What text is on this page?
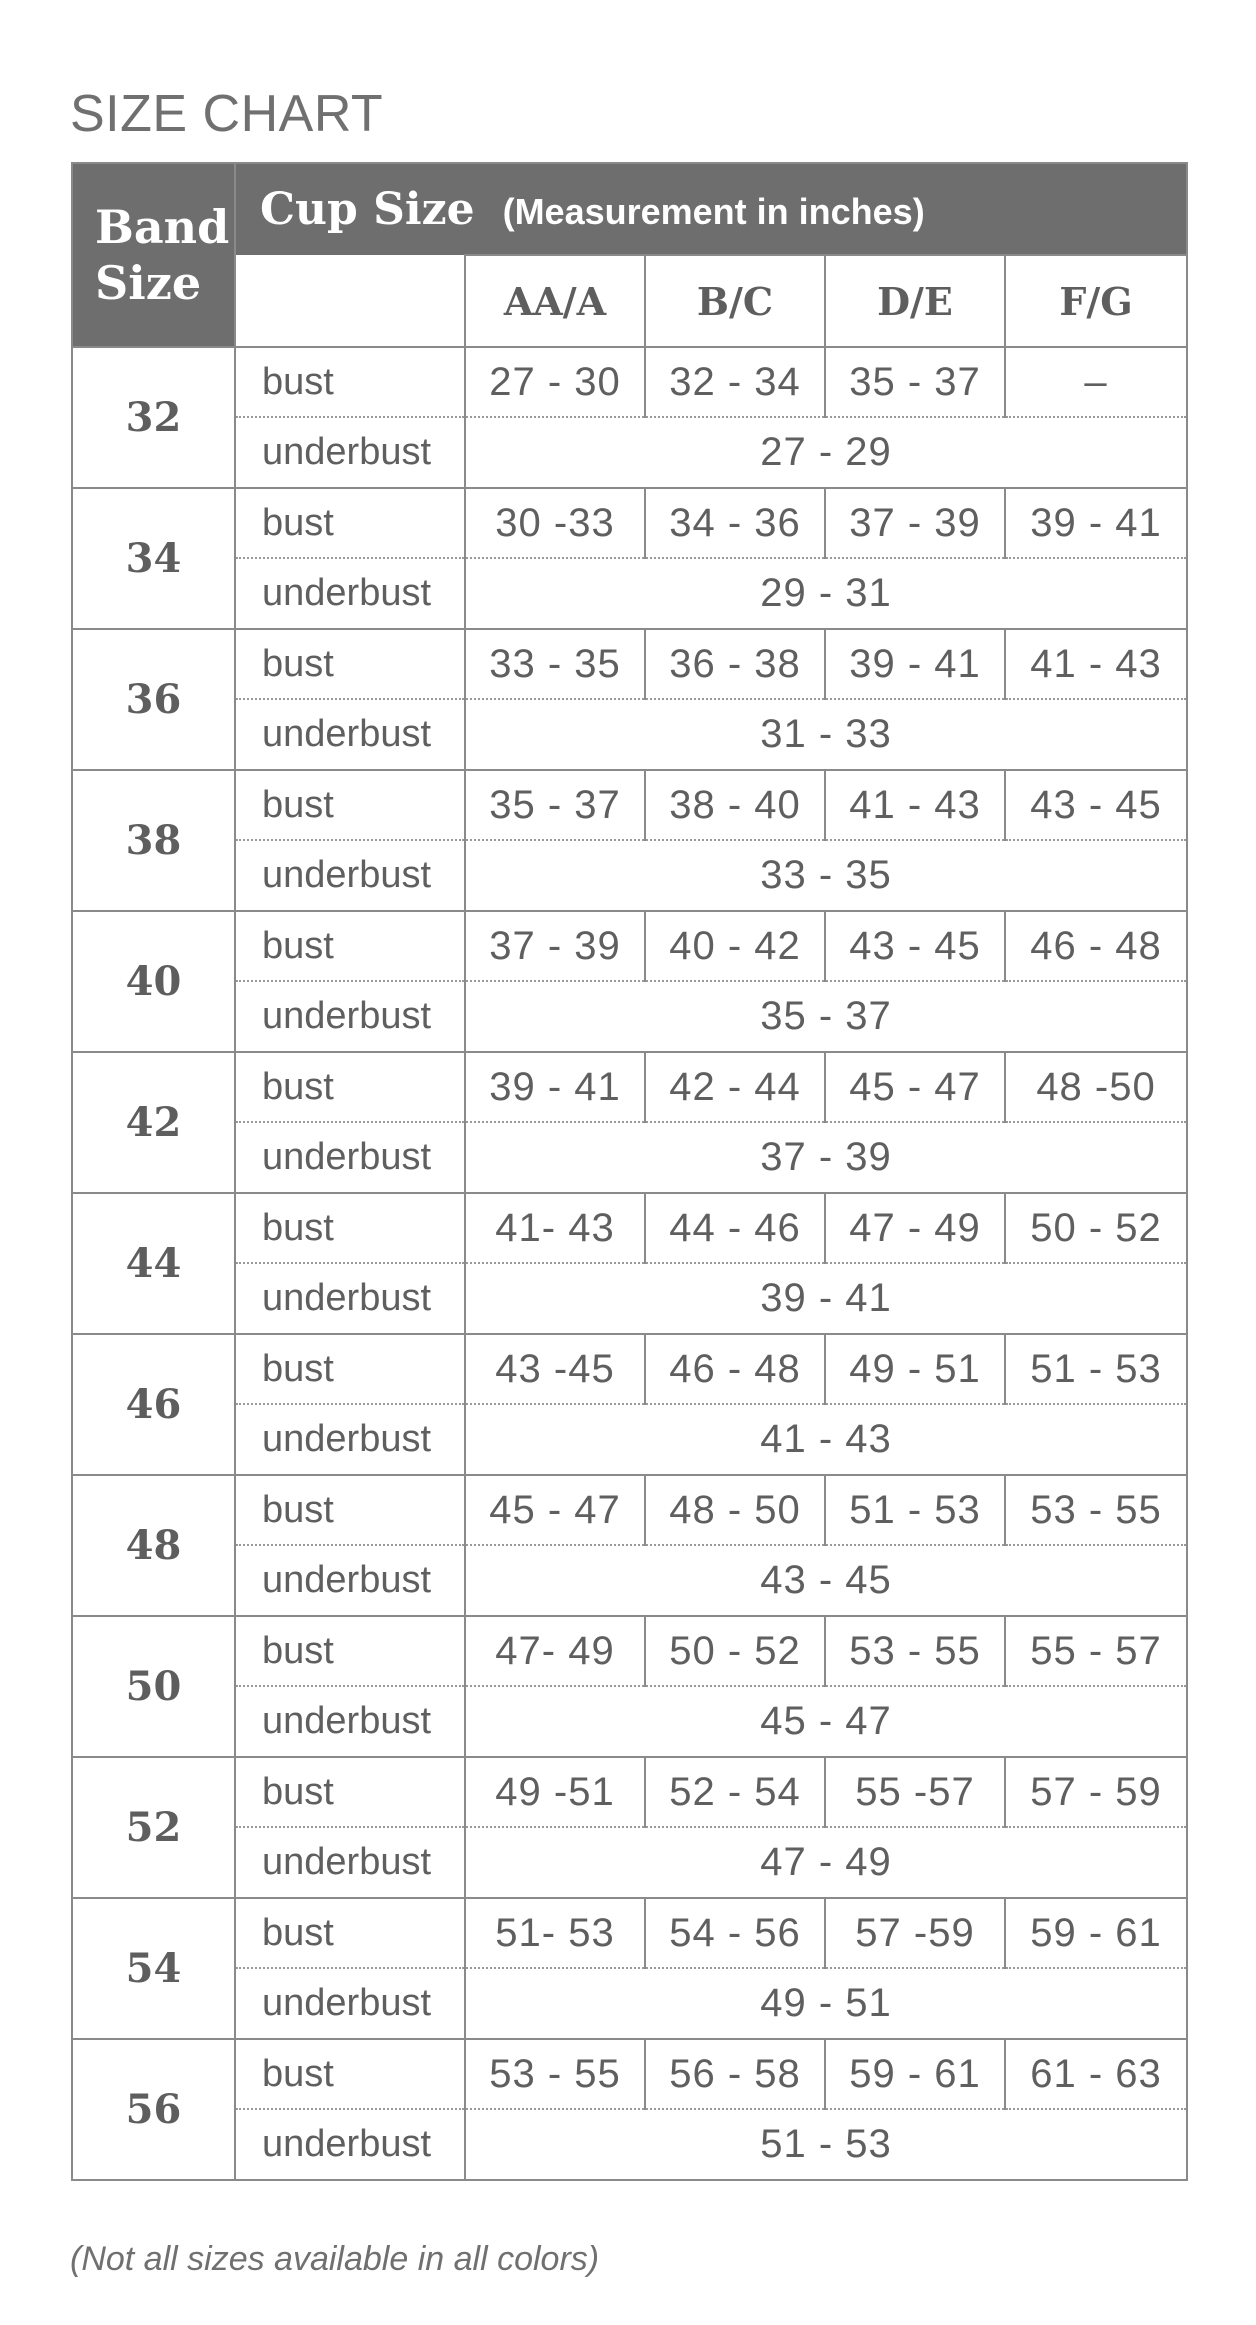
SIZE CHART
Band
Size	Cup Size (Measurement in inches)				
		AA/A	B/C	D/E	F/G
32	bust	27 - 30	32 - 34	35 - 37	–
	underbust	27 - 29			
34	bust	30 -33	34 - 36	37 - 39	39 - 41
	underbust	29 - 31			
36	bust	33 - 35	36 - 38	39 - 41	41 - 43
	underbust	31 - 33			
38	bust	35 - 37	38 - 40	41 - 43	43 - 45
	underbust	33 - 35			
40	bust	37 - 39	40 - 42	43 - 45	46 - 48
	underbust	35 - 37			
42	bust	39 - 41	42 - 44	45 - 47	48 -50
	underbust	37 - 39			
44	bust	41- 43	44 - 46	47 - 49	50 - 52
	underbust	39 - 41			
46	bust	43 -45	46 - 48	49 - 51	51 - 53
	underbust	41 - 43			
48	bust	45 - 47	48 - 50	51 - 53	53 - 55
	underbust	43 - 45			
50	bust	47- 49	50 - 52	53 - 55	55 - 57
	underbust	45 - 47			
52	bust	49 -51	52 - 54	55 -57	57 - 59
	underbust	47 - 49			
54	bust	51- 53	54 - 56	57 -59	59 - 61
	underbust	49 - 51			
56	bust	53 - 55	56 - 58	59 - 61	61 - 63
	underbust	51 - 53			

(Not all sizes available in all colors)
